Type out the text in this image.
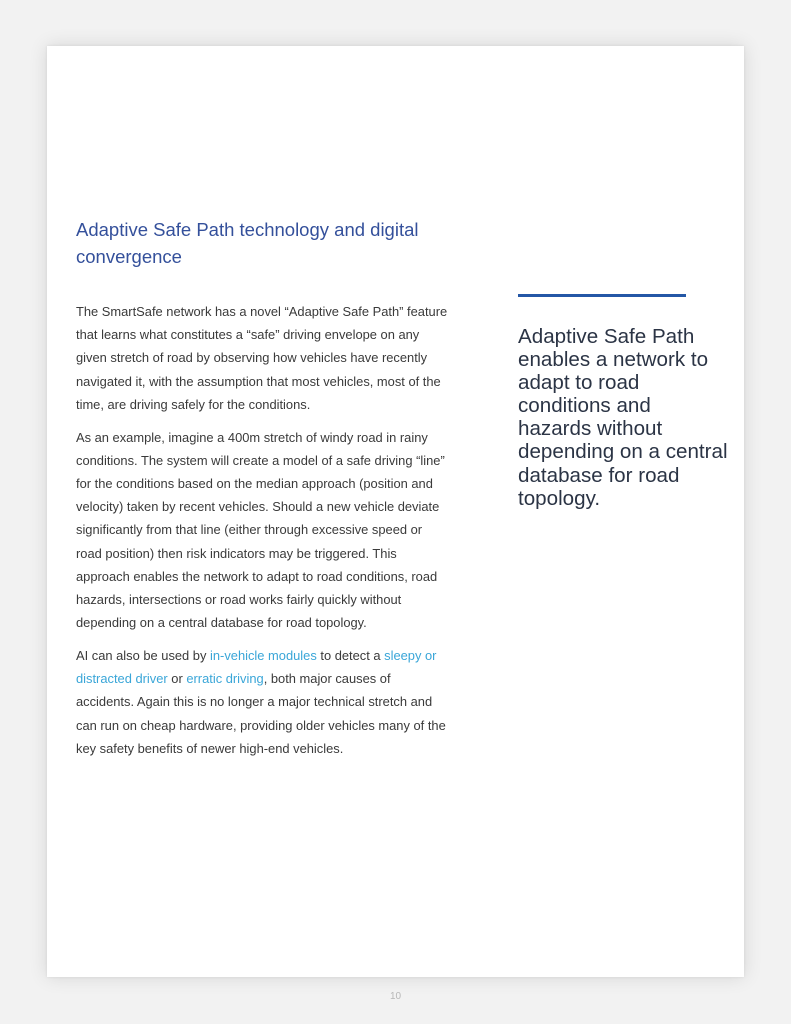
Adaptive Safe Path technology and digital convergence

The SmartSafe network has a novel “Adaptive Safe Path” feature that learns what constitutes a “safe” driving envelope on any given stretch of road by observing how vehicles have recently navigated it, with the assumption that most vehicles, most of the time, are driving safely for the conditions.

As an example, imagine a 400m stretch of windy road in rainy conditions. The system will create a model of a safe driving “line” for the conditions based on the median approach (position and velocity) taken by recent vehicles. Should a new vehicle deviate significantly from that line (either through excessive speed or road position) then risk indicators may be triggered. This approach enables the network to adapt to road conditions, road hazards, intersections or road works fairly quickly without depending on a central database for road topology.

AI can also be used by in-vehicle modules to detect a sleepy or distracted driver or erratic driving, both major causes of accidents. Again this is no longer a major technical stretch and can run on cheap hardware, providing older vehicles many of the key safety benefits of newer high-end vehicles.

Adaptive Safe Path enables a network to adapt to road conditions and hazards without depending on a central database for road topology.
10
